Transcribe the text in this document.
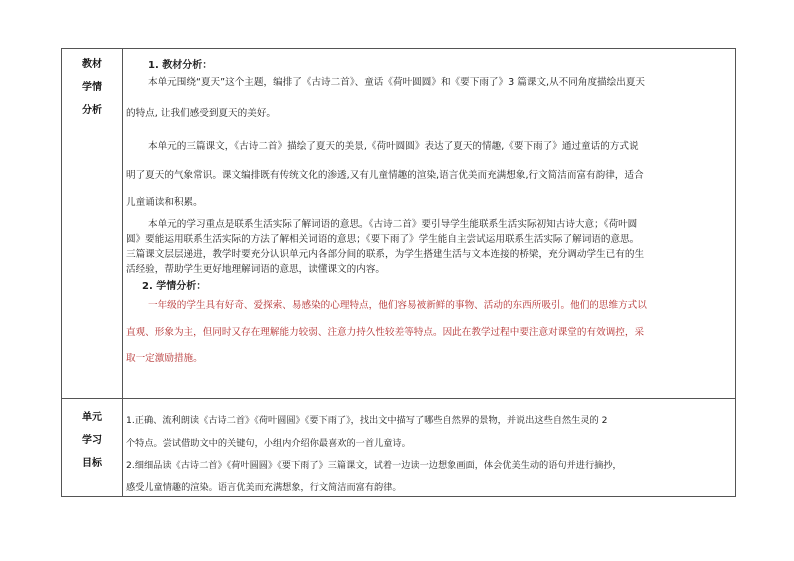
教材
学情
分析
单元
学习
目标
1. 教材分析：
本单元围绕“夏天”这个主题，编排了《古诗二首》、童话《荷叶圆圆》和《要下雨了》3 篇课文,从不同角度描绘出夏天
的特点, 让我们感受到夏天的美好。
本单元的三篇课文，《古诗二首》描绘了夏天的美景,《荷叶圆圆》表达了夏天的情趣,《要下雨了》通过童话的方式说
明了夏天的气象常识。课文编排既有传统文化的渗透,又有儿童情趣的渲染,语言优美而充满想象,行文简洁而富有韵律，适合
儿童诵读和积累。
本单元的学习重点是联系生活实际了解词语的意思。《古诗二首》要引导学生能联系生活实际初知古诗大意；《荷叶圆
圆》要能运用联系生活实际的方法了解相关词语的意思；《要下雨了》学生能自主尝试运用联系生活实际了解词语的意思。
三篇课文层层递进，教学时要充分认识单元内各部分间的联系，为学生搭建生活与文本连接的桥梁，充分调动学生已有的生
活经验，帮助学生更好地理解词语的意思，读懂课文的内容。
2. 学情分析：
一年级的学生具有好奇、爱探索、易感染的心理特点，他们容易被新鲜的事物、活动的东西所吸引。他们的思维方式以
直观、形象为主，但同时又存在理解能力较弱、注意力持久性较差等特点。因此在教学过程中要注意对课堂的有效调控，采
取一定激励措施。
1.正确、流利朗读《古诗二首》《荷叶圆圆》《要下雨了》，找出文中描写了哪些自然界的景物，并说出这些自然生灵的 2
个特点。尝试借助文中的关键句，小组内介绍你最喜欢的一首儿童诗。
2.细细品读《古诗二首》《荷叶圆圆》《要下雨了》三篇课文，试着一边读一边想象画面，体会优美生动的语句并进行摘抄，
感受儿童情趣的渲染。语言优美而充满想象，行文简洁而富有韵律。
